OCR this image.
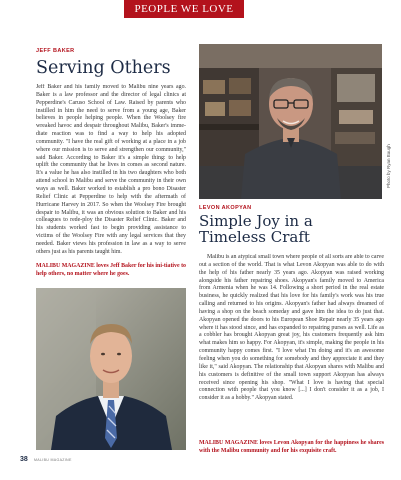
PEOPLE WE LOVE
JEFF BAKER
Serving Others
Jeff Baker and his family moved to Malibu nine years ago. Baker is a law professor and the director of legal clinics at Pepperdine's Caruso School of Law. Raised by parents who instilled in him the need to serve from a young age, Baker believes in people helping people. When the Woolsey fire wreaked havoc and despair throughout Malibu, Baker's imme-diate reaction was to find a way to help his adopted community. "I have the real gift of working at a place in a job where our mission is to serve and strengthen our community," said Baker. According to Baker it's a simple thing: to help uplift the community that he lives in comes as second nature. It's a value he has also instilled in his two daughters who both attend school in Malibu and serve the community in their own ways as well. Baker worked to establish a pro bono Disaster Relief Clinic at Pepperdine to help with the aftermath of Hurricane Harvey in 2017. So when the Woolsey Fire brought despair to Malibu, it was an obvious solution to Baker and his colleagues to rede-ploy the Disaster Relief Clinic. Baker and his students worked fast to begin providing assistance to victims of the Woolsey Fire with any legal services that they needed. Baker views his profession in law as a way to serve others just as his parents taught him.
MALIBU MAGAZINE loves Jeff Baker for his ini-tiative to help others, no matter where he goes.
Photo by Ryan Baugh
LEVON AKOPYAN
Simple Joy in a
Timeless Craft
Malibu is an atypical small town where people of all sorts are able to carve out a section of the world. That is what Levon Akopyan was able to do with the help of his father nearly 35 years ago. Akopyan was raised working alongside his father repairing shoes. Akopyan's family moved to America from Armenia when he was 14. Following a short period in the real estate business, he quickly realized that his love for his family's work was his true calling and returned to his origins. Akopyan's father had always dreamed of having a shop on the beach someday and gave him the idea to do just that. Akopyan opened the doors to his European Shoe Repair nearly 35 years ago where it has stood since, and has expanded to repairing purses as well. Life as a cobbler has brought Akopyan great joy, his customers frequently ask him what makes him so happy. For Akopyan, it's simple, making the people in his community happy comes first. "I love what I'm doing and it's an awesome feeling when you do something for somebody and they appreciate it and they like it," said Akopyan. The relationship that Akopyan shares with Malibu and his customers is definitive of the small town support Akopyan has always received since opening his shop. "What I love is having that special connection with people that you know [...] I don't consider it as a job, I consider it as a hobby." Akopyan stated.
MALIBU MAGAZINE loves Levon Akopyan for the happiness he shares with the Malibu community and for his exquisite craft.
38 MALIBU MAGAZINE
